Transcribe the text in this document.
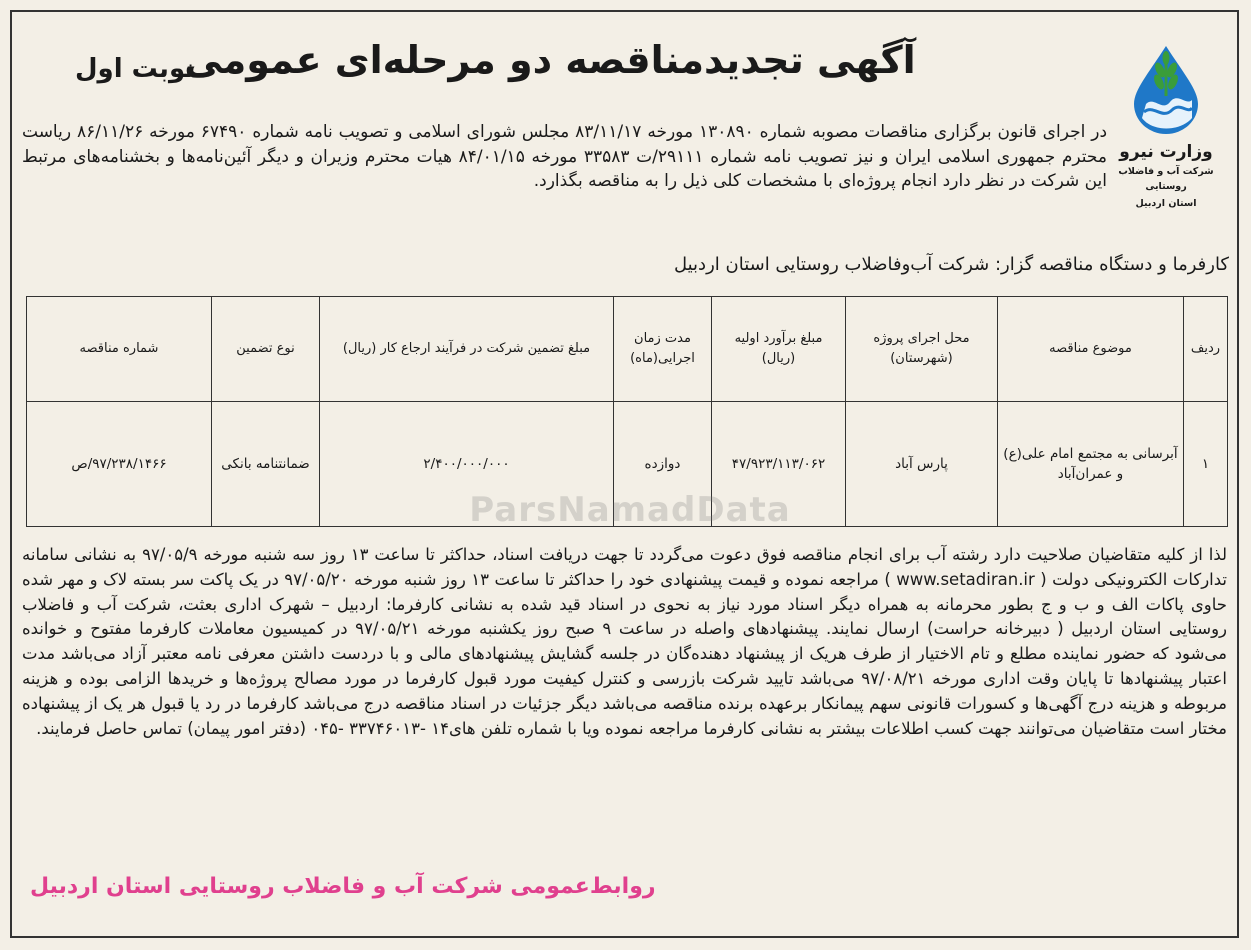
وزارت نیرو
شرکت آب و فاضلاب روستایی
استان اردبیل
آگهی تجدیدمناقصه دو مرحله‌ای عمومی
نوبت اول
در اجرای قانون برگزاری مناقصات مصوبه شماره ۱۳۰۸۹۰ مورخه ۸۳/۱۱/۱۷ مجلس شورای اسلامی و تصویب نامه شماره ۶۷۴۹۰ مورخه ۸۶/۱۱/۲۶ ریاست محترم جمهوری اسلامی ایران و نیز تصویب نامه شماره ۲۹۱۱۱/ت ۳۳۵۸۳ مورخه ۸۴/۰۱/۱۵ هیات محترم وزیران و دیگر آئین‌نامه‌ها و بخشنامه‌های مرتبط این شرکت در نظر دارد انجام پروژه‌ای با مشخصات کلی ذیل را به مناقصه بگذارد.
کارفرما و دستگاه مناقصه گزار: شرکت آب‌وفاضلاب روستایی استان اردبیل
ردیف	موضوع مناقصه	محل اجرای پروژه (شهرستان)	مبلغ برآورد اولیه (ریال)	مدت زمان اجرایی(ماه)	مبلغ تضمین شرکت در فرآیند ارجاع کار (ریال)	نوع تضمین	شماره مناقصه
۱	آبرسانی به مجتمع امام علی(ع) و عمران‌آباد	پارس آباد	۴۷/۹۲۳/۱۱۳/۰۶۲	دوازده	۲/۴۰۰/۰۰۰/۰۰۰	ضمانتنامه بانکی	۹۷/۲۳۸/۱۴۶۶/ص
ParsNamadData
لذا از کلیه متقاضیان صلاحیت دارد رشته آب برای انجام مناقصه فوق دعوت می‌گردد تا جهت دریافت اسناد، حداکثر تا ساعت ۱۳ روز سه شنبه مورخه ۹۷/۰۵/۹ به نشانی سامانه تدارکات الکترونیکی دولت ( www.setadiran.ir ) مراجعه نموده و قیمت پیشنهادی خود را حداکثر تا ساعت ۱۳ روز شنبه مورخه ۹۷/۰۵/۲۰ در یک پاکت سر بسته لاک و مهر شده حاوی پاکات الف و ب و ج بطور محرمانه به همراه دیگر اسناد مورد نیاز به نحوی در اسناد قید شده به نشانی کارفرما: اردبیل – شهرک اداری بعثت، شرکت آب و فاضلاب روستایی استان اردبیل ( دبیرخانه حراست) ارسال نمایند. پیشنهادهای واصله در ساعت ۹ صبح روز یکشنبه مورخه ۹۷/۰۵/۲۱ در کمیسیون معاملات کارفرما مفتوح و خوانده می‌شود که حضور نماینده مطلع و تام الاختیار از طرف هریک از پیشنهاد دهنده‌گان در جلسه گشایش پیشنهادهای مالی و با دردست داشتن معرفی نامه معتبر آزاد می‌باشد مدت اعتبار پیشنهادها تا پایان وقت اداری مورخه ۹۷/۰۸/۲۱ می‌باشد تایید شرکت بازرسی و کنترل کیفیت مورد قبول کارفرما در مورد مصالح پروژه‌ها و خریدها الزامی بوده و هزینه مربوطه و هزینه درج آگهی‌ها و کسورات قانونی سهم پیمانکار برعهده برنده مناقصه می‌باشد دیگر جزئیات در اسناد مناقصه درج می‌باشد کارفرما در رد یا قبول هر یک از پیشنهاده مختار است متقاضیان می‌توانند جهت کسب اطلاعات بیشتر به نشانی کارفرما مراجعه نموده ویا با شماره تلفن های۱۴ -۳۳۷۴۶۰۱۳ -۰۴۵ (دفتر امور پیمان) تماس حاصل فرمایند.
روابط‌عمومی شرکت آب و فاضلاب روستایی استان اردبیل
